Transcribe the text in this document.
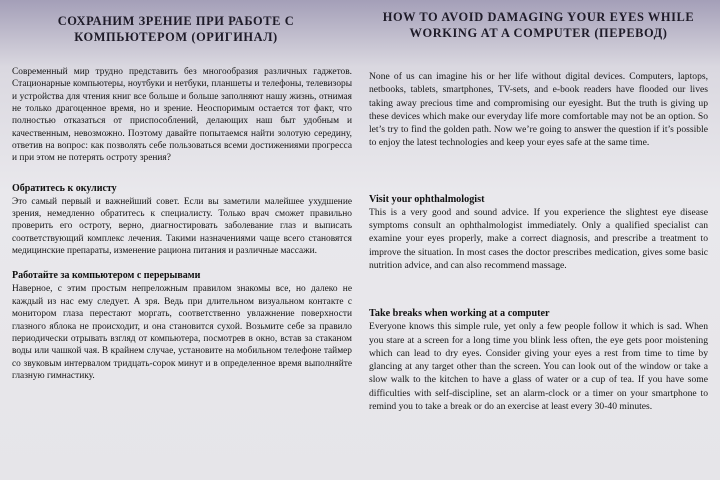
СОХРАНИМ ЗРЕНИЕ ПРИ РАБОТЕ С КОМПЬЮТЕРОМ (ОРИГИНАЛ)

Современный мир трудно представить без многообразия различных гаджетов. Стационарные компьютеры, ноутбуки и нетбуки, планшеты и телефоны, телевизоры и устройства для чтения книг все больше и больше заполняют нашу жизнь, отнимая не только драгоценное время, но и зрение. Неоспоримым остается тот факт, что полностью отказаться от приспособлений, делающих наш быт удобным и качественным, невозможно. Поэтому давайте попытаемся найти золотую середину, ответив на вопрос: как позволять себе пользоваться всеми достижениями прогресса и при этом не потерять остроту зрения?

Обратитесь к окулисту

Это самый первый и важнейший совет. Если вы заметили малейшее ухудшение зрения, немедленно обратитесь к специалисту. Только врач сможет правильно проверить его остроту, верно, диагностировать заболевание глаз и выписать соответствующий комплекс лечения. Такими назначениями чаще всего становятся медицинские препараты, изменение рациона питания и различные массажи.

Работайте за компьютером с перерывами

Наверное, с этим простым непреложным правилом знакомы все, но далеко не каждый из нас ему следует. А зря. Ведь при длительном визуальном контакте с монитором глаза перестают моргать, соответственно увлажнение поверхности глазного яблока не происходит, и она становится сухой. Возьмите себе за правило периодически отрывать взгляд от компьютера, посмотрев в окно, встав за стаканом воды или чашкой чая. В крайнем случае, установите на мобильном телефоне таймер со звуковым интервалом тридцать-сорок минут и в определенное время выполняйте глазную гимнастику.

HOW TO AVOID DAMAGING YOUR EYES WHILE WORKING AT A COMPUTER (ПЕРЕВОД)

None of us can imagine his or her life without digital devices. Computers, laptops, netbooks, tablets, smartphones, TV-sets, and e-book readers have flooded our lives taking away precious time and compromising our eyesight. But the truth is giving up these devices which make our everyday life more comfortable may not be an option. So let’s try to find the golden path. Now we’re going to answer the question if it’s possible to enjoy the latest technologies and keep your eyes safe at the same time.

Visit your ophthalmologist

This is a very good and sound advice. If you experience the slightest eye disease symptoms consult an ophthalmologist immediately. Only a qualified specialist can examine your eyes properly, make a correct diagnosis, and prescribe a treatment to improve the situation. In most cases the doctor prescribes medication, gives some basic nutrition advice, and can also recommend massage.

Take breaks when working at a computer

Everyone knows this simple rule, yet only a few people follow it which is sad. When you stare at a screen for a long time you blink less often, the eye gets poor moistening which can lead to dry eyes. Consider giving your eyes a rest from time to time by glancing at any target other than the screen. You can look out of the window or take a slow walk to the kitchen to have a glass of water or a cup of tea. If you have some difficulties with self-discipline, set an alarm-clock or a timer on your smartphone to remind you to take a break or do an exercise at least every 30-40 minutes.
